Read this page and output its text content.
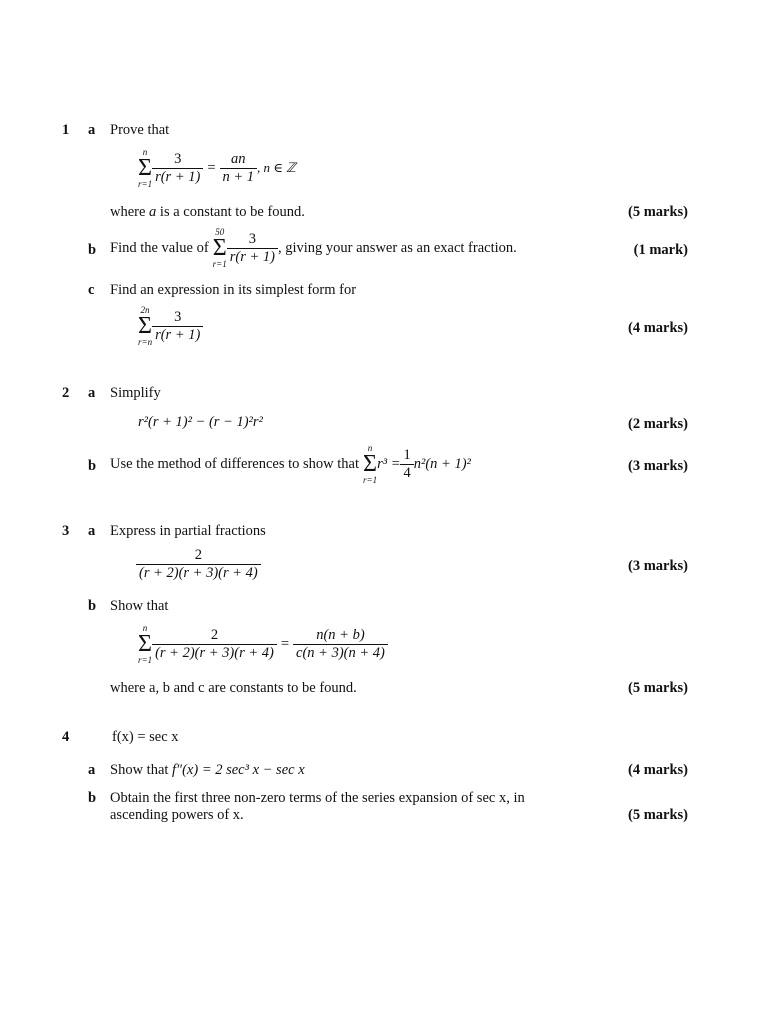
1 a Prove that
n
Σ
$r=1 \frac{3}{r(r + 1)} = \frac{an}{n + 1}$ , n ∈ ℤ
where a is a constant to be found.	(5 marks)
b Find the value of
50
Σ
$r=1 \frac{3}{r(r + 1)}$ , giving your answer as an exact fraction.	(1 mark)
c Find an expression in its simplest form for
2n
Σ
$r=n \frac{3}{r(r + 1)}$	(4 marks)
2 a Simplify
r²(r + 1)² − (r − 1)²r²	(2 marks)
b Use the method of differences to show that
n
Σ
r=1
$r^3 = \frac{1}{4} n^2(n + 1)^2$	(3 marks)
3 a Express in partial fractions
$\frac{2}{(r + 2)(r + 3)(r + 4)}$	(3 marks)
b Show that
n
Σ
$r=1 \frac{2}{(r + 2)(r + 3)(r + 4)} = \frac{n(n + b)}{c(n + 3)(n + 4)}$
where a, b and c are constants to be found.	(5 marks)
4	f(x) = sec x
a Show that f″(x) = 2 sec³ x − sec x	(4 marks)
b Obtain the first three non-zero terms of the series expansion of sec x, in
ascending powers of x.	(5 marks)
